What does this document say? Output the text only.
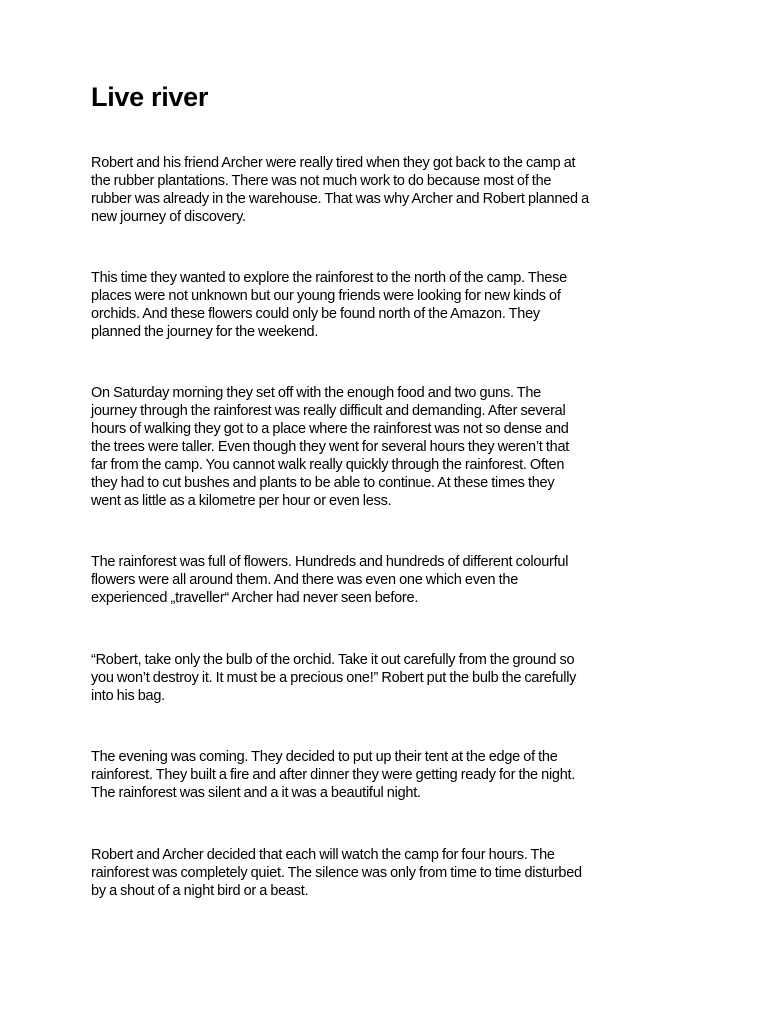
Live river

Robert and his friend Archer were really tired when they got back to the camp at
the rubber plantations. There was not much work to do because most of the
rubber was already in the warehouse. That was why Archer and Robert planned a
new journey of discovery.

This time they wanted to explore the rainforest to the north of the camp. These
places were not unknown but our young friends were looking for new kinds of
orchids. And these flowers could only be found north of the Amazon. They
planned the journey for the weekend.

On Saturday morning they set off with the enough food and two guns. The
journey through the rainforest was really difficult and demanding. After several
hours of walking they got to a place where the rainforest was not so dense and
the trees were taller. Even though they went for several hours they weren’t that
far from the camp. You cannot walk really quickly through the rainforest. Often
they had to cut bushes and plants to be able to continue. At these times they
went as little as a kilometre per hour or even less.

The rainforest was full of flowers. Hundreds and hundreds of different colourful
flowers were all around them. And there was even one which even the
experienced „traveller“ Archer had never seen before.

“Robert, take only the bulb of the orchid. Take it out carefully from the ground so
you won’t destroy it. It must be a precious one!” Robert put the bulb the carefully
into his bag.

The evening was coming. They decided to put up their tent at the edge of the
rainforest. They built a fire and after dinner they were getting ready for the night.
The rainforest was silent and a it was a beautiful night.

Robert and Archer decided that each will watch the camp for four hours. The
rainforest was completely quiet. The silence was only from time to time disturbed
by a shout of a night bird or a beast.
